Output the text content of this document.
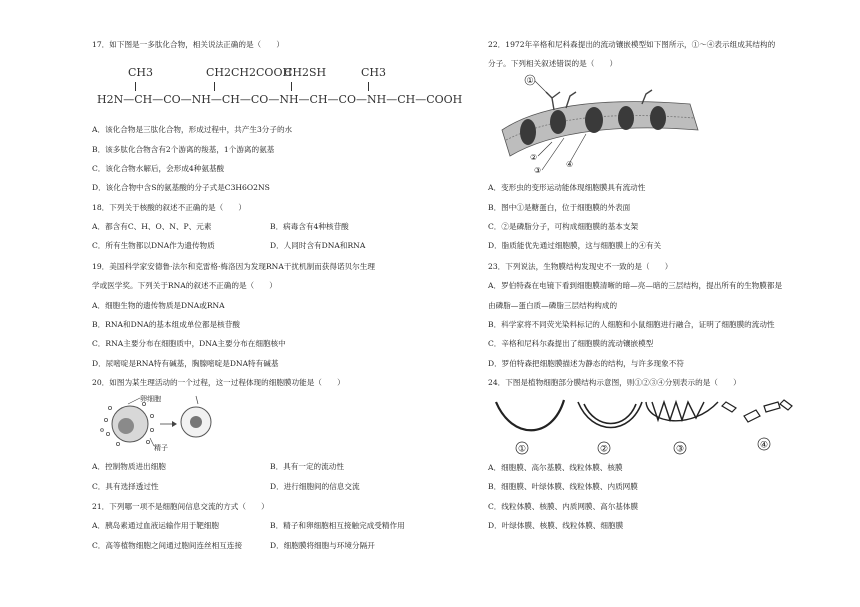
17．如下图是一多肽化合物，相关说法正确的是（　　）
CH3	CH2CH2COOH
CH2SH	CH3
H2N—CH—CO—NH—CH—CO—NH—CH—CO—NH—CH—COOH
A．该化合物是三肽化合物，形成过程中，共产生3分子的水
B．该多肽化合物含有2个游离的羧基，1个游离的氨基
C．该化合物水解后，会形成4种氨基酸
D．该化合物中含S的氨基酸的分子式是C3H6O2NS
18．下列关于核酸的叙述不正确的是（　　）
A．都含有C、H、O、N、P、元素	B．病毒含有4种核苷酸
C．所有生物都以DNA作为遗传物质	D．人同时含有DNA和RNA
19．美国科学家安德鲁·法尔和克雷格·梅洛因为发现RNA干扰机制而获得诺贝尔生理
学或医学奖。下列关于RNA的叙述不正确的是（　　）
A．细胞生物的遗传物质是DNA或RNA
B．RNA和DNA的基本组成单位都是核苷酸
C．RNA主要分布在细胞质中，DNA主要分布在细胞核中
D．尿嘧啶是RNA特有碱基，胸腺嘧啶是DNA特有碱基
20．如图为某生理活动的一个过程，这一过程体现的细胞膜功能是（　　）
卵细胞
精子
A．控制物质进出细胞	B．具有一定的流动性
C．具有选择透过性	D．进行细胞间的信息交流
21．下列哪一项不是细胞间信息交流的方式（　　）
A．胰岛素通过血液运输作用于靶细胞	B．精子和卵细胞相互接触完成受精作用
C．高等植物细胞之间通过胞间连丝相互连接	D．细胞膜将细胞与环境分隔开
22．1972年辛格和尼科森提出的流动镶嵌模型如下图所示，①～④表示组成其结构的
分子。下列相关叙述错误的是（　　）
①
②
③
④
A．变形虫的变形运动能体现细胞膜具有流动性
B．图中①是糖蛋白，位于细胞膜的外表面
C．②是磷脂分子，可构成细胞膜的基本支架
D．脂质能优先通过细胞膜，这与细胞膜上的④有关
23．下列说法，生物膜结构发现史不一致的是（　　）
A．罗伯特森在电镜下看到细胞膜清晰的暗—亮—暗的三层结构，提出所有的生物膜都是
由磷脂—蛋白质—磷脂三层结构构成的
B．科学家将不同荧光染料标记的人细胞和小鼠细胞进行融合，证明了细胞膜的流动性
C．辛格和尼科尔森提出了细胞膜的流动镶嵌模型
D．罗伯特森把细胞膜描述为静态的结构，与许多现象不符
24．下图是植物细胞部分膜结构示意图，则①②③④分别表示的是（　　）
①	②	③	④
A．细胞膜、高尔基膜、线粒体膜、核膜
B．细胞膜、叶绿体膜、线粒体膜、内质网膜
C．线粒体膜、核膜、内质网膜、高尔基体膜
D．叶绿体膜、核膜、线粒体膜、细胞膜
